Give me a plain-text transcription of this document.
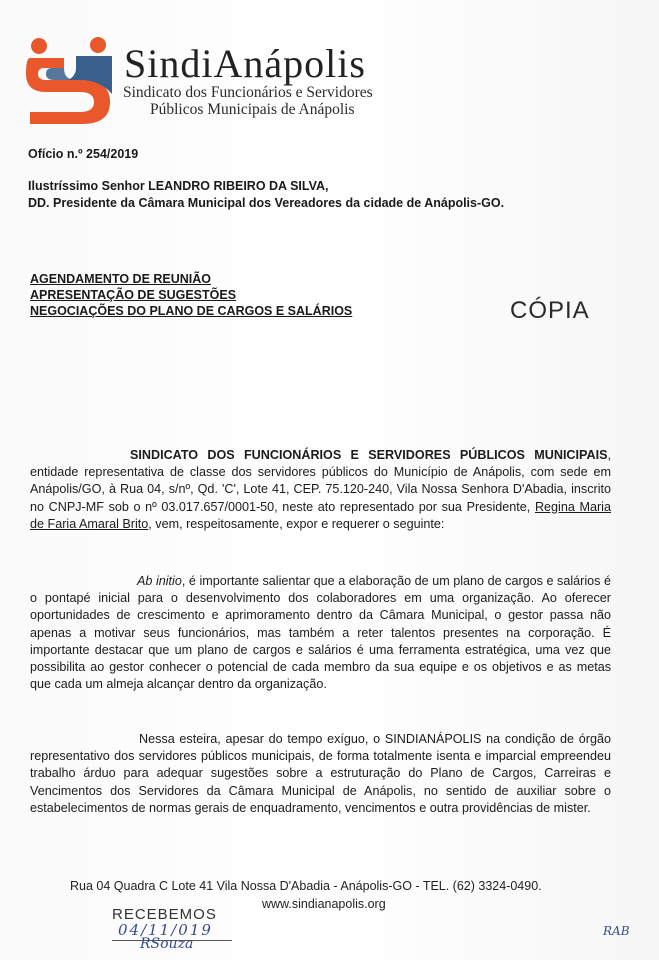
SindiAnápolis
Sindicato dos Funcionários e Servidores
Públicos Municipais de Anápolis
Ofício n.º 254/2019
Ilustríssimo Senhor LEANDRO RIBEIRO DA SILVA,
DD. Presidente da Câmara Municipal dos Vereadores da cidade de Anápolis-GO.
AGENDAMENTO DE REUNIÃO
APRESENTAÇÃO DE SUGESTÕES
NEGOCIAÇÕES DO PLANO DE CARGOS E SALÁRIOS	CÓPIA
SINDICATO DOS FUNCIONÁRIOS E SERVIDORES PÚBLICOS MUNICIPAIS, entidade representativa de classe dos servidores públicos do Município de Anápolis, com sede em Anápolis/GO, à Rua 04, s/nº, Qd. 'C', Lote 41, CEP. 75.120-240, Vila Nossa Senhora D'Abadia, inscrito no CNPJ-MF sob o nº 03.017.657/0001-50, neste ato representado por sua Presidente, Regina Maria de Faria Amaral Brito, vem, respeitosamente, expor e requerer o seguinte:
Ab initio, é importante salientar que a elaboração de um plano de cargos e salários é o pontapé inicial para o desenvolvimento dos colaboradores em uma organização. Ao oferecer oportunidades de crescimento e aprimoramento dentro da Câmara Municipal, o gestor passa não apenas a motivar seus funcionários, mas também a reter talentos presentes na corporação. É importante destacar que um plano de cargos e salários é uma ferramenta estratégica, uma vez que possibilita ao gestor conhecer o potencial de cada membro da sua equipe e os objetivos e as metas que cada um almeja alcançar dentro da organização.
Nessa esteira, apesar do tempo exíguo, o SINDIANÁPOLIS na condição de órgão representativo dos servidores públicos municipais, de forma totalmente isenta e imparcial empreendeu trabalho árduo para adequar sugestões sobre a estruturação do Plano de Cargos, Carreiras e Vencimentos dos Servidores da Câmara Municipal de Anápolis, no sentido de auxiliar sobre o estabelecimentos de normas gerais de enquadramento, vencimentos e outra providências de mister.
Rua 04 Quadra C Lote 41 Vila Nossa D'Abadia - Anápolis-GO - TEL. (62) 3324-0490.
www.sindianapolis.org
RECEBEMOS
04/11/019
RSouza
RAB
